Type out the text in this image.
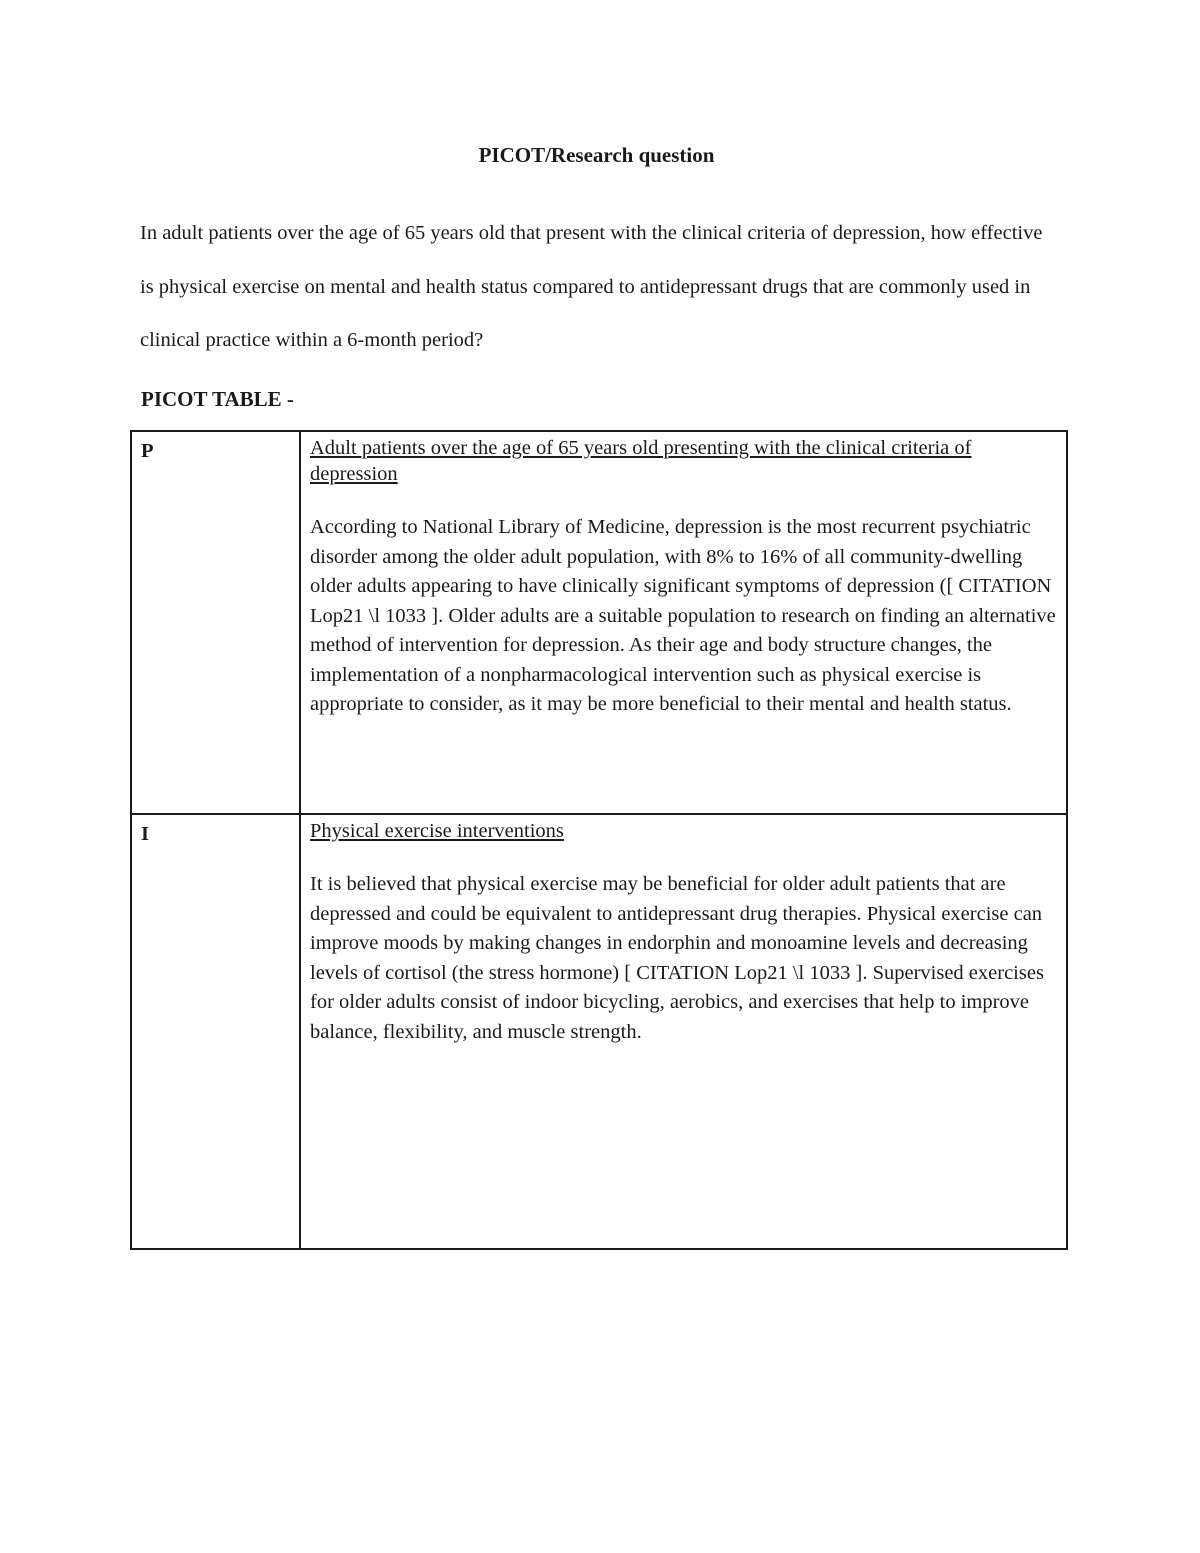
PICOT/Research question

In adult patients over the age of 65 years old that present with the clinical criteria of depression, how effective is physical exercise on mental and health status compared to antidepressant drugs that are commonly used in clinical practice within a 6-month period?

PICOT TABLE -
P	Adult patients over the age of 65 years old presenting with the clinical criteria of depression

According to National Library of Medicine, depression is the most recurrent psychiatric disorder among the older adult population, with 8% to 16% of all community-dwelling older adults appearing to have clinically significant symptoms of depression ([ CITATION Lop21 \l 1033 ]. Older adults are a suitable population to research on finding an alternative method of intervention for depression. As their age and body structure changes, the implementation of a nonpharmacological intervention such as physical exercise is appropriate to consider, as it may be more beneficial to their mental and health status.

I	Physical exercise interventions

It is believed that physical exercise may be beneficial for older adult patients that are depressed and could be equivalent to antidepressant drug therapies. Physical exercise can improve moods by making changes in endorphin and monoamine levels and decreasing levels of cortisol (the stress hormone) [ CITATION Lop21 \l 1033 ]. Supervised exercises for older adults consist of indoor bicycling, aerobics, and exercises that help to improve balance, flexibility, and muscle strength.
